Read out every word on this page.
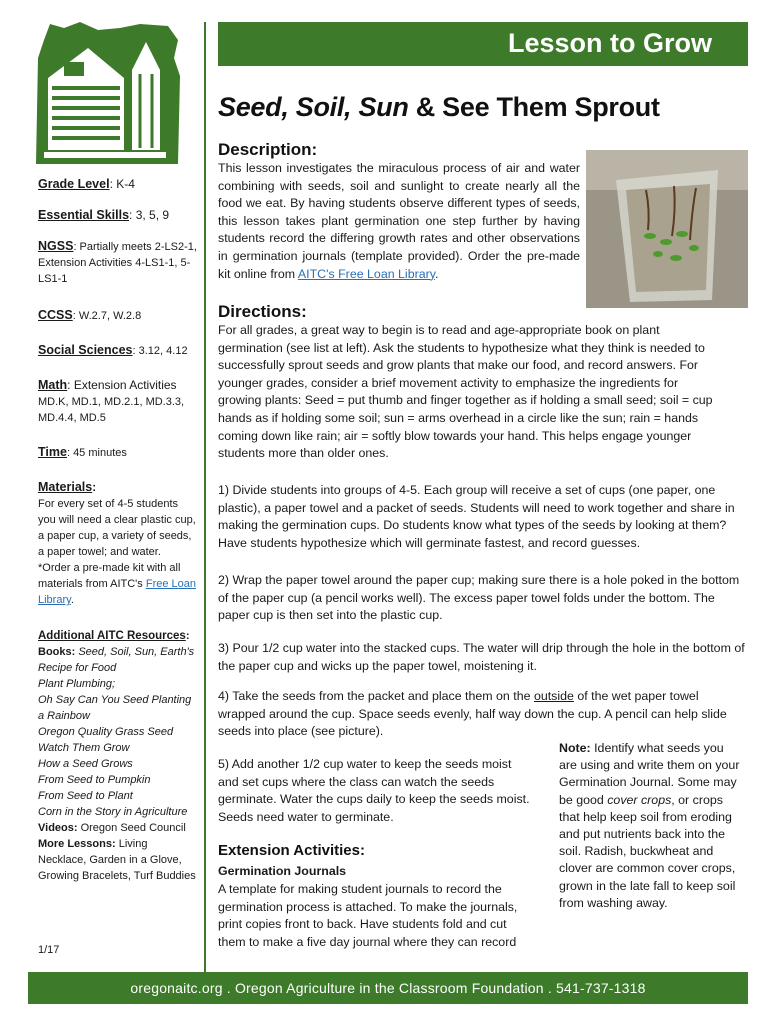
Lesson to Grow
Seed, Soil, Sun & See Them Sprout
Grade Level: K-4
Essential Skills: 3, 5, 9
NGSS: Partially meets 2-LS2-1, Extension Activities 4-LS1-1, 5-LS1-1
CCSS: W.2.7, W.2.8
Social Sciences: 3.12, 4.12
Math: Extension Activities
MD.K, MD.1, MD.2.1, MD.3.3, MD.4.4, MD.5
Time: 45 minutes
Materials:
For every set of 4-5 students you will need a clear plastic cup, a paper cup, a variety of seeds, a paper towel; and water.
*Order a pre-made kit with all materials from AITC's Free Loan Library.
Additional AITC Resources:
Books: Seed, Soil, Sun, Earth's Recipe for Food
Plant Plumbing;
Oh Say Can You Seed Planting a Rainbow
Oregon Quality Grass Seed
Watch Them Grow
How a Seed Grows
From Seed to Pumpkin
From Seed to Plant
Corn in the Story in Agriculture
Videos: Oregon Seed Council
More Lessons: Living Necklace, Garden in a Glove, Growing Bracelets, Turf Buddies
1/17
Description:
This lesson investigates the miraculous process of air and water combining with seeds, soil and sunlight to create nearly all the food we eat. By having students observe different types of seeds, this lesson takes plant germination one step further by having students record the differing growth rates and other observations in germination journals (template provided). Order the pre-made kit online from AITC's Free Loan Library.
Directions:
For all grades, a great way to begin is to read and age-appropriate book on plant germination (see list at left). Ask the students to hypothesize what they think is needed to successfully sprout seeds and grow plants that make our food, and record answers. For younger grades, consider a brief movement activity to emphasize the ingredients for growing plants: Seed = put thumb and finger together as if holding a small seed; soil = cup hands as if holding some soil; sun = arms overhead in a circle like the sun; rain = hands coming down like rain; air = softly blow towards your hand. This helps engage younger students more than older ones.
1) Divide students into groups of 4-5. Each group will receive a set of cups (one paper, one plastic), a paper towel and a packet of seeds. Students will need to work together and share in making the germination cups. Do students know what types of the seeds by looking at them? Have students hypothesize which will germinate fastest, and record guesses.
2) Wrap the paper towel around the paper cup; making sure there is a hole poked in the bottom of the paper cup (a pencil works well). The excess paper towel folds under the bottom. The paper cup is then set into the plastic cup.
3) Pour 1/2 cup water into the stacked cups. The water will drip through the hole in the bottom of the paper cup and wicks up the paper towel, moistening it.
4) Take the seeds from the packet and place them on the outside of the wet paper towel wrapped around the cup. Space seeds evenly, half way down the cup. A pencil can help slide seeds into place (see picture).
5) Add another 1/2 cup water to keep the seeds moist and set cups where the class can watch the seeds germinate. Water the cups daily to keep the seeds moist. Seeds need water to germinate.
Note: Identify what seeds you are using and write them on your Germination Journal. Some may be good cover crops, or crops that help keep soil from eroding and put nutrients back into the soil. Radish, buckwheat and clover are common cover crops, grown in the late fall to keep soil from washing away.
Extension Activities:
Germination Journals
A template for making student journals to record the germination process is attached. To make the journals, print copies front to back. Have students fold and cut them to make a five day journal where they can record
oregonaitc.org . Oregon Agriculture in the Classroom Foundation . 541-737-1318
